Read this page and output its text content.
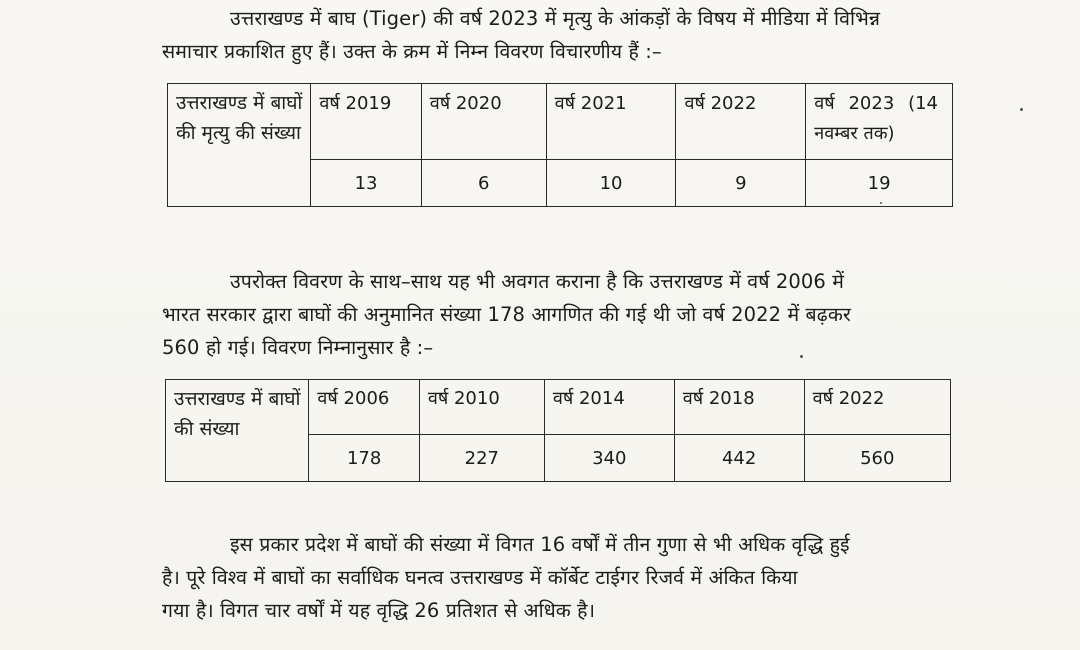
उत्तराखण्ड में बाघ (Tiger) की वर्ष 2023 में मृत्यु के आंकड़ों के विषय में मीडिया में विभिन्न
समाचार प्रकाशित हुए हैं। उक्त के क्रम में निम्न विवरण विचारणीय हैं :–
उत्तराखण्ड में बाघों की मृत्यु की संख्या	वर्ष 2019	वर्ष 2020	वर्ष 2021	वर्ष 2022	वर्ष 2023 (14 नवम्बर तक)
	13	6	10	9	19
उपरोक्त विवरण के साथ–साथ यह भी अवगत कराना है कि उत्तराखण्ड में वर्ष 2006 में
भारत सरकार द्वारा बाघों की अनुमानित संख्या 178 आगणित की गई थी जो वर्ष 2022 में बढ़कर
560 हो गई। विवरण निम्नानुसार है :–
उत्तराखण्ड में बाघों की संख्या	वर्ष 2006	वर्ष 2010	वर्ष 2014	वर्ष 2018	वर्ष 2022
	178	227	340	442	560
इस प्रकार प्रदेश में बाघों की संख्या में विगत 16 वर्षों में तीन गुणा से भी अधिक वृद्धि हुई
है। पूरे विश्व में बाघों का सर्वाधिक घनत्व उत्तराखण्ड में कॉर्बेट टाईगर रिजर्व में अंकित किया
गया है। विगत चार वर्षों में यह वृद्धि 26 प्रतिशत से अधिक है।
